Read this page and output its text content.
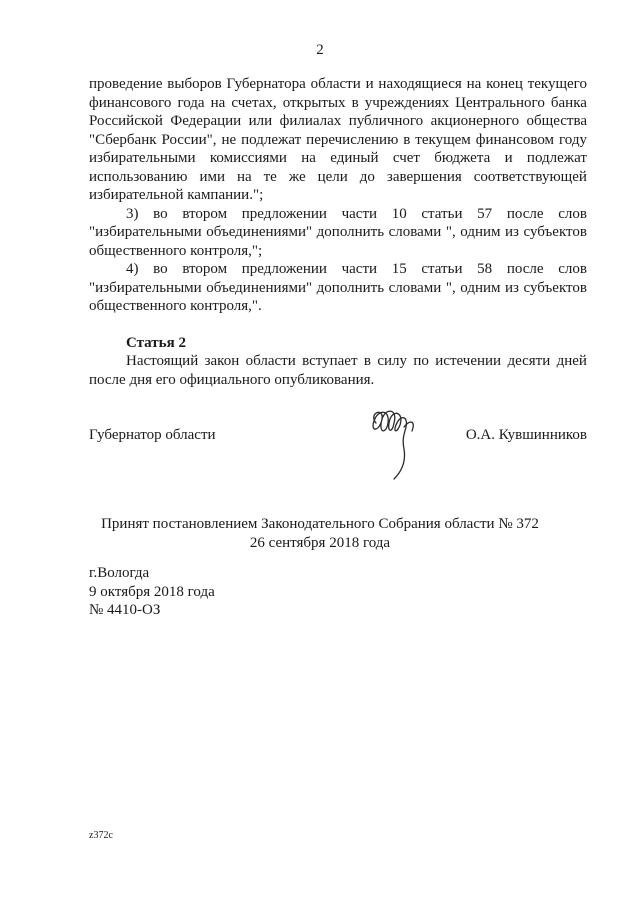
2
проведение выборов Губернатора области и находящиеся на конец текущего
финансового года на счетах, открытых в учреждениях Центрального банка
Российской Федерации или филиалах публичного акционерного общества
"Сбербанк России", не подлежат перечислению в текущем финансовом году
избирательными комиссиями на единый счет бюджета и подлежат
использованию ими на те же цели до завершения соответствующей
избирательной кампании.";
3) во втором предложении части 10 статьи 57 после слов
"избирательными объединениями" дополнить словами ", одним из субъектов
общественного контроля,";
4) во втором предложении части 15 статьи 58 после слов
"избирательными объединениями" дополнить словами ", одним из субъектов
общественного контроля,".
Статья 2
Настоящий закон области вступает в силу по истечении десяти дней
после дня его официального опубликования.
Губернатор области	О.А. Кувшинников
Принят постановлением Законодательного Собрания области № 372
26 сентября 2018 года
г.Вологда
9 октября 2018 года
№ 4410-ОЗ
z372c
